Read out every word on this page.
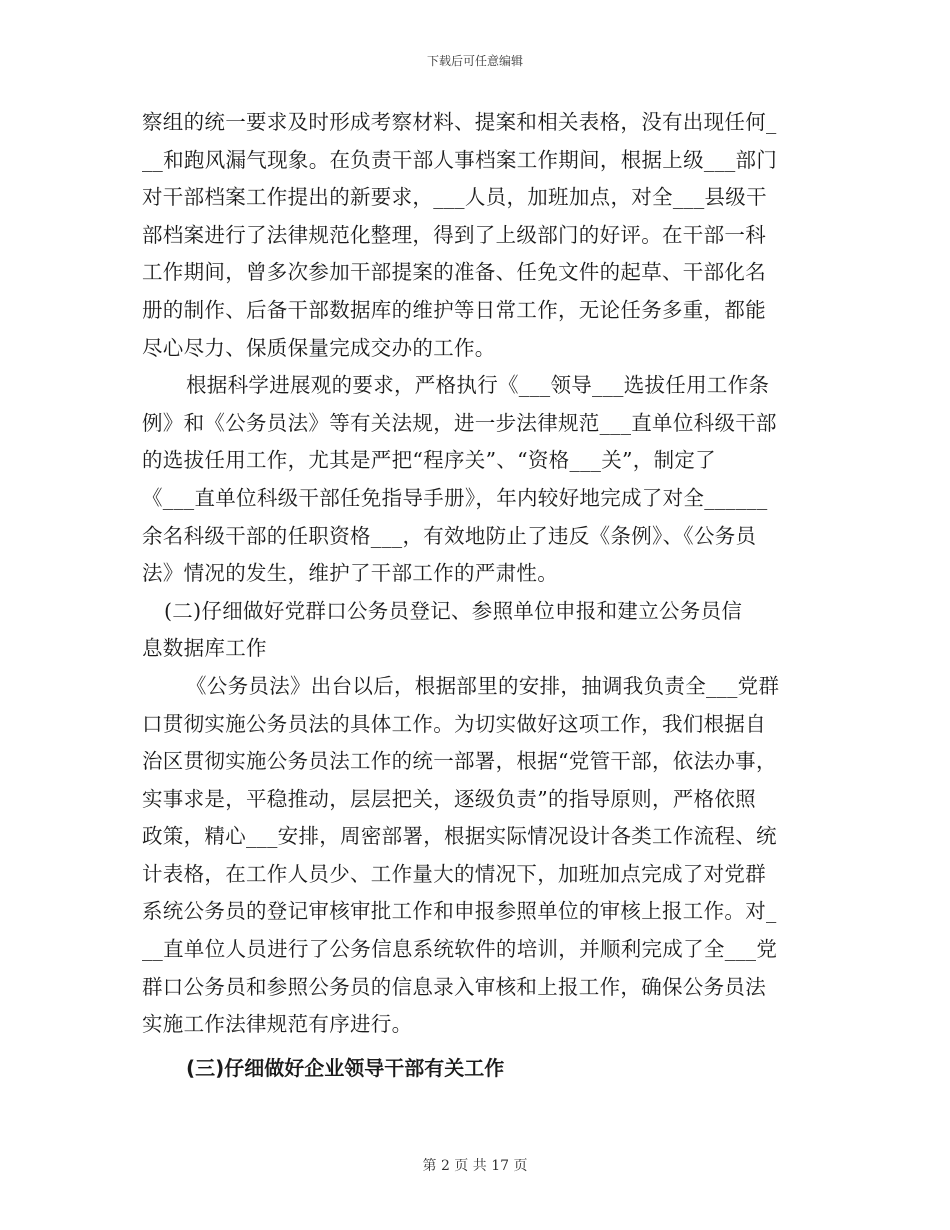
下载后可任意编辑

察组的统一要求及时形成考察材料、提案和相关表格，没有出现任何_
__和跑风漏气现象。在负责干部人事档案工作期间，根据上级___部门
对干部档案工作提出的新要求，___人员，加班加点，对全___县级干
部档案进行了法律规范化整理，得到了上级部门的好评。在干部一科
工作期间，曾多次参加干部提案的准备、任免文件的起草、干部化名
册的制作、后备干部数据库的维护等日常工作，无论任务多重，都能
尽心尽力、保质保量完成交办的工作。

根据科学进展观的要求，严格执行《___领导___选拔任用工作条
例》和《公务员法》等有关法规，进一步法律规范___直单位科级干部
的选拔任用工作，尤其是严把“程序关”、“资格___关”，制定了
《___直单位科级干部任免指导手册》，年内较好地完成了对全______
余名科级干部的任职资格___，有效地防止了违反《条例》、《公务员
法》情况的发生，维护了干部工作的严肃性。

(二)仔细做好党群口公务员登记、参照单位申报和建立公务员信
息数据库工作

《公务员法》出台以后，根据部里的安排，抽调我负责全___党群
口贯彻实施公务员法的具体工作。为切实做好这项工作，我们根据自
治区贯彻实施公务员法工作的统一部署，根据“党管干部，依法办事，
实事求是，平稳推动，层层把关，逐级负责”的指导原则，严格依照
政策，精心___安排，周密部署，根据实际情况设计各类工作流程、统
计表格，在工作人员少、工作量大的情况下，加班加点完成了对党群
系统公务员的登记审核审批工作和申报参照单位的审核上报工作。对_
__直单位人员进行了公务信息系统软件的培训，并顺利完成了全___党
群口公务员和参照公务员的信息录入审核和上报工作，确保公务员法
实施工作法律规范有序进行。

(三)仔细做好企业领导干部有关工作

第 2 页 共 17 页
